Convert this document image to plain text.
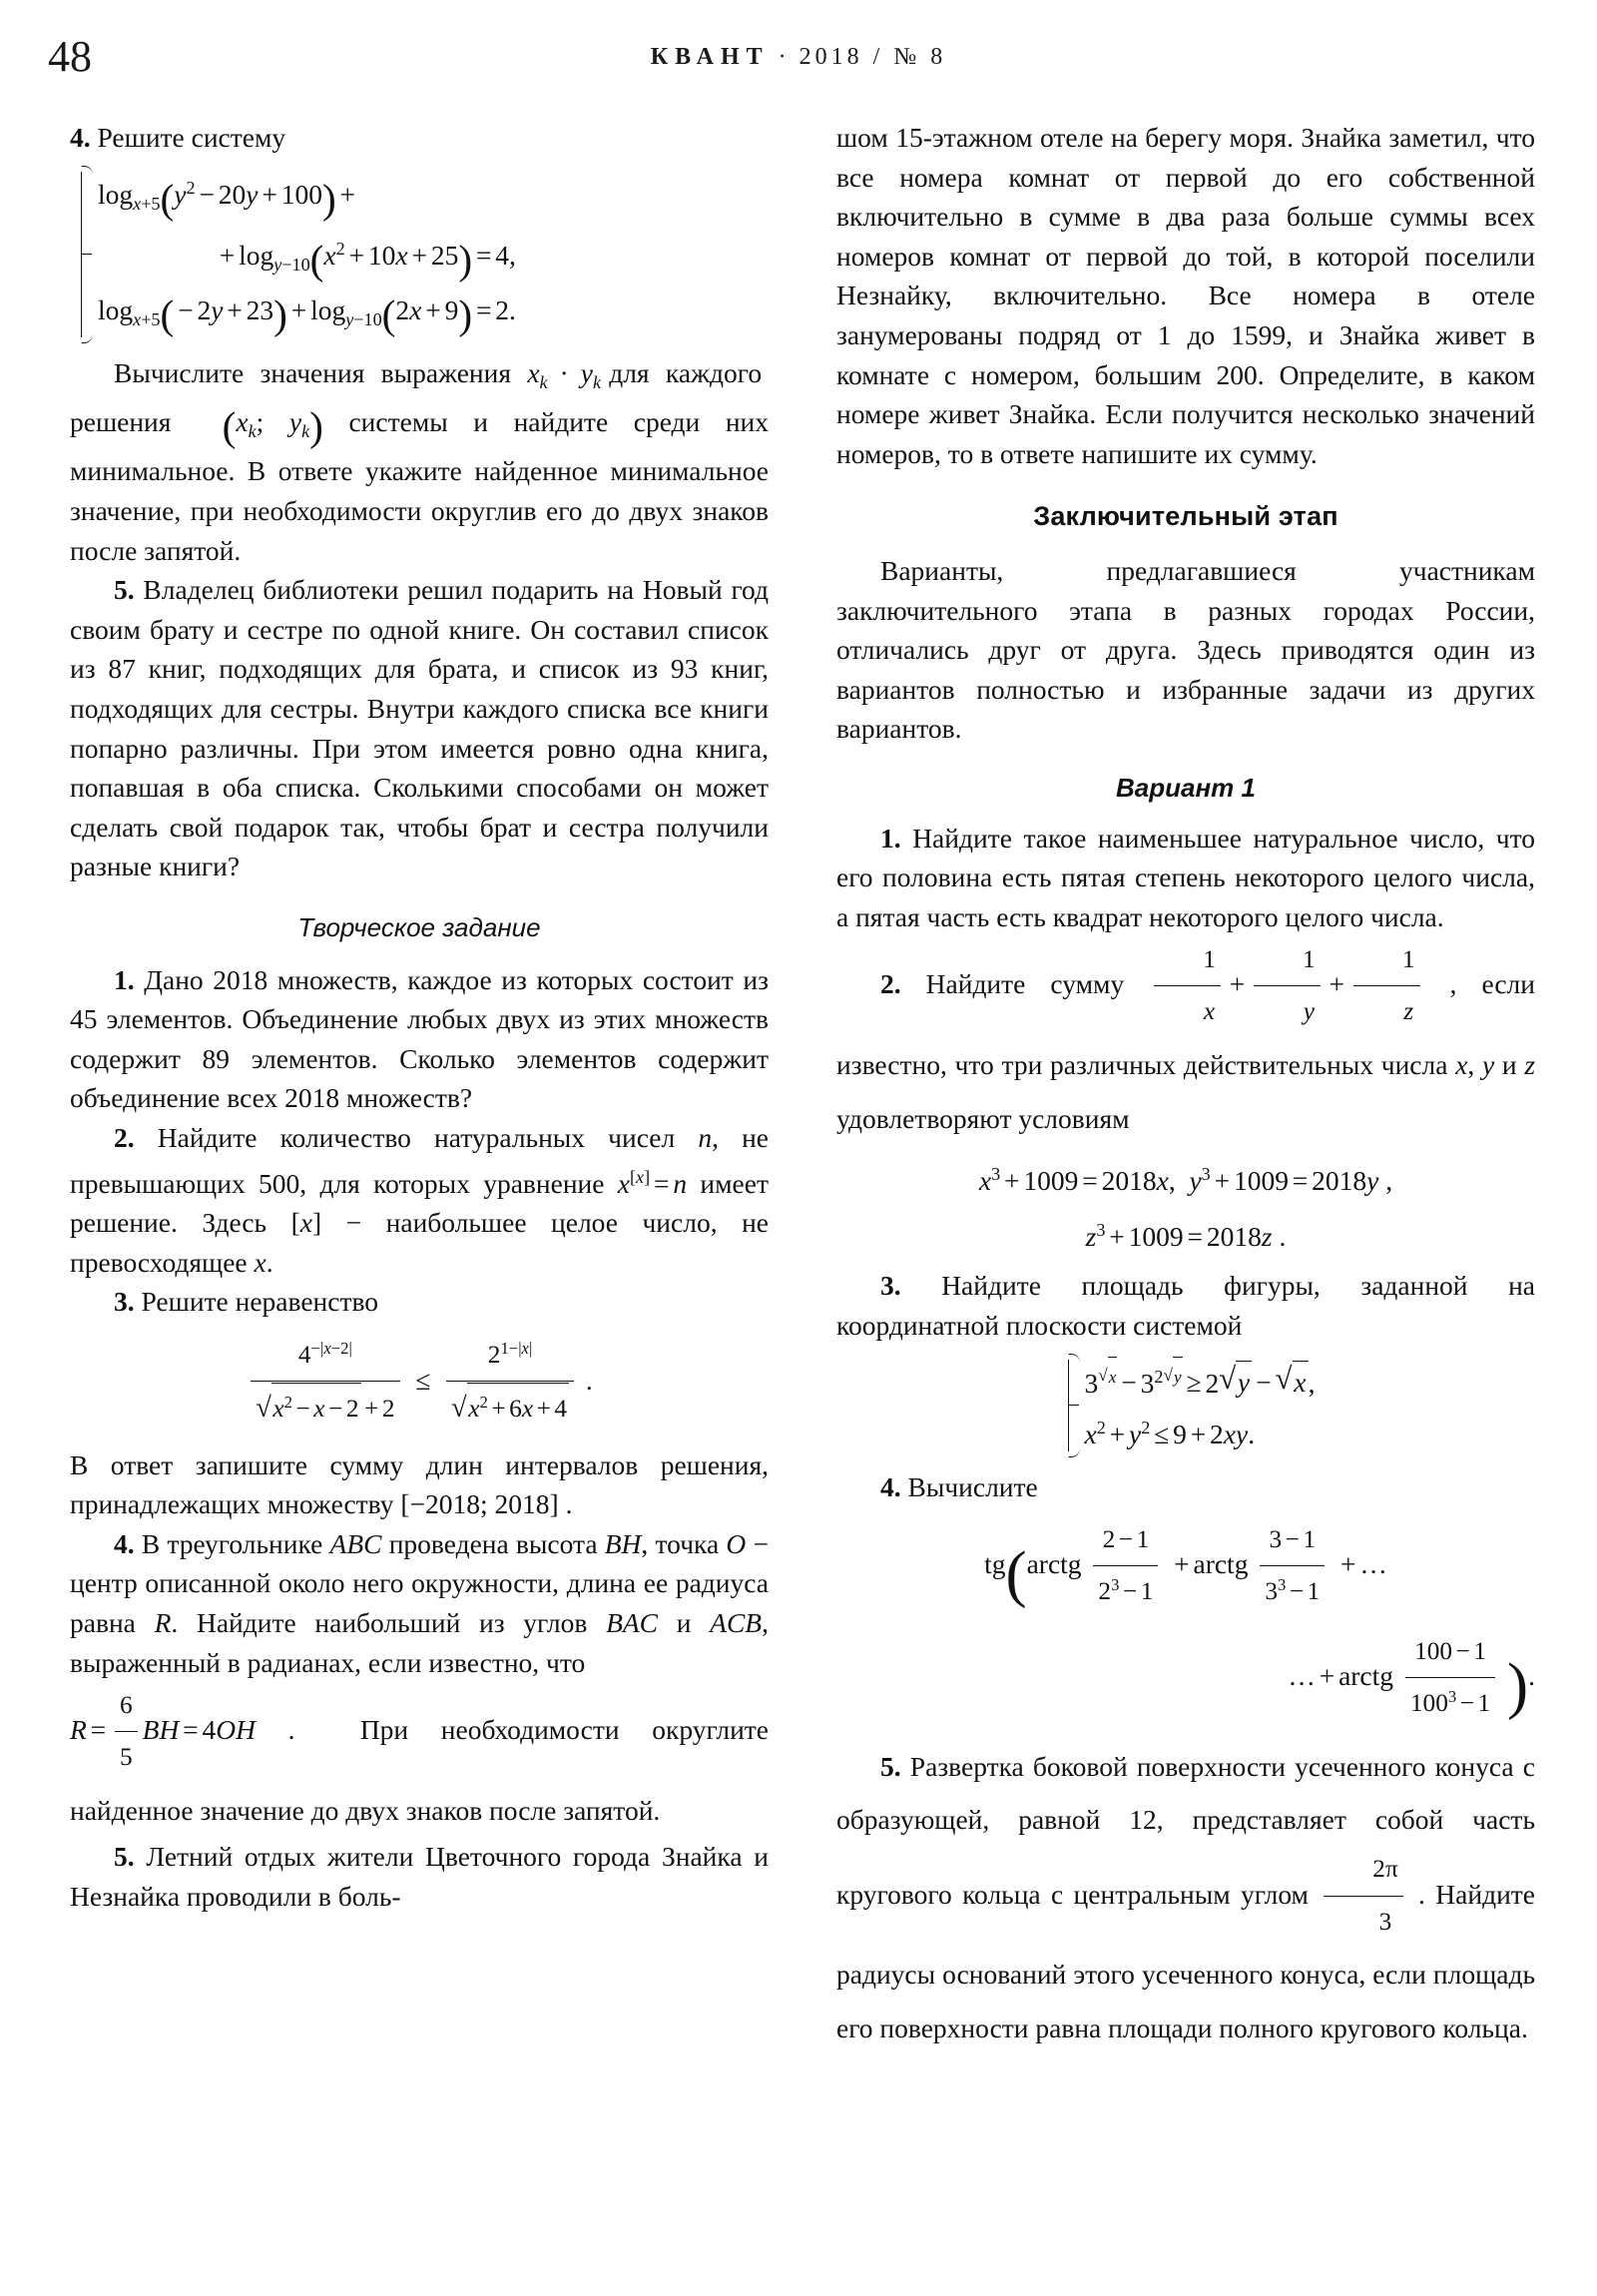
48	КВАНТ · 2018 / № 8

4. Решите систему

$\log_{x+5}(y^2 - 20y + 100)$ +
+ $\log_{y-10}(x^2 + 10x + 25) = 4$,
$\log_{x+5}( - 2y + 23) + \log_{y-10}(2x + 9) = 2$.

Вычислите  значения  выражения  $x_k \cdot y_k$ для  каждого  решения  ($x_k$; $y_k$) системы и найдите среди них минимальное. В ответе укажите найденное минимальное значение, при необходимости округлив его до двух знаков после запятой.

5. Владелец библиотеки решил подарить на Новый год своим брату и сестре по одной книге. Он составил список из 87 книг, подходящих для брата, и список из 93 книг, подходящих для сестры. Внутри каждого списка все книги попарно различны. При этом имеется ровно одна книга, попавшая в оба списка. Сколькими способами он может сделать свой подарок так, чтобы брат и сестра получили разные книги?

Творческое задание

1. Дано 2018 множеств, каждое из которых состоит из 45 элементов. Объединение любых двух из этих множеств содержит 89 элементов. Сколько элементов содержит объединение всех 2018 множеств?

2. Найдите количество натуральных чисел n, не превышающих 500, для которых уравнение x[x] = n имеет решение. Здесь [x] − наибольшее целое число, не превосходящее x.

3. Решите неравенство

$4^{-|x-2|}$
√ $x^2 - x - 2 + 2 \le 2^{1-|x|}$
√ $x^2 + 6x + 4$ .

В ответ запишите сумму длин интервалов решения, принадлежащих множеству [−2018; 2018] .

4. В треугольнике ABC проведена высота BH, точка O − центр описанной около него окружности, длина ее радиуса равна R. Найдите наибольший из углов BAC и ACB, выраженный в радианах, если известно, что

$R = \frac{6}{5}$ BH = 4OH .  При необходимости округлите найденное значение до двух знаков после запятой.

5. Летний отдых жители Цветочного города Знайка и Незнайка проводили в боль-

шом 15-этажном отеле на берегу моря. Знайка заметил, что все номера комнат от первой до его собственной включительно в сумме в два раза больше суммы всех номеров комнат от первой до той, в которой поселили Незнайку, включительно. Все номера в отеле занумерованы подряд от 1 до 1599, и Знайка живет в комнате с номером, большим 200. Определите, в каком номере живет Знайка. Если получится несколько значений номеров, то в ответе напишите их сумму.

Заключительный этап

Варианты, предлагавшиеся участникам заключительного этапа в разных городах России, отличались друг от друга. Здесь приводятся один из вариантов полностью и избранные задачи из других вариантов.

Вариант 1

1. Найдите такое наименьшее натуральное число, что его половина есть пятая степень некоторого целого числа, а пятая часть есть квадрат некоторого целого числа.

2. Найдите сумму $\frac{1}{x} + \frac{1}{y} + \frac{1}{z}$ , если известно, что три различных действительных числа x, y и z удовлетворяют условиям

$x^3 + 1009 = 2018x$, $y^3 + 1009 = 2018y$ ,
$z^3 + 1009 = 2018z$ .

3. Найдите площадь фигуры, заданной на координатной плоскости системой

3 √ $^x - 3^{2 √ y} \ge 2$ √ y − √ x,
$x^2 + y^2 \le 9 + 2xy$.

4. Вычислите

tg(arctg $\frac{2 - 1}{2^3 - 1}$ + arctg $\frac{3 - 1}{3^3 - 1}$ + …
… + arctg $\frac{100 - 1}{100^3 - 1}$ ).

5. Развертка боковой поверхности усеченного конуса с образующей, равной 12, представляет собой часть кругового кольца с центральным углом $\frac{2\pi}{3}$ . Найдите радиусы оснований этого усеченного конуса, если площадь его поверхности равна площади полного кругового кольца.
